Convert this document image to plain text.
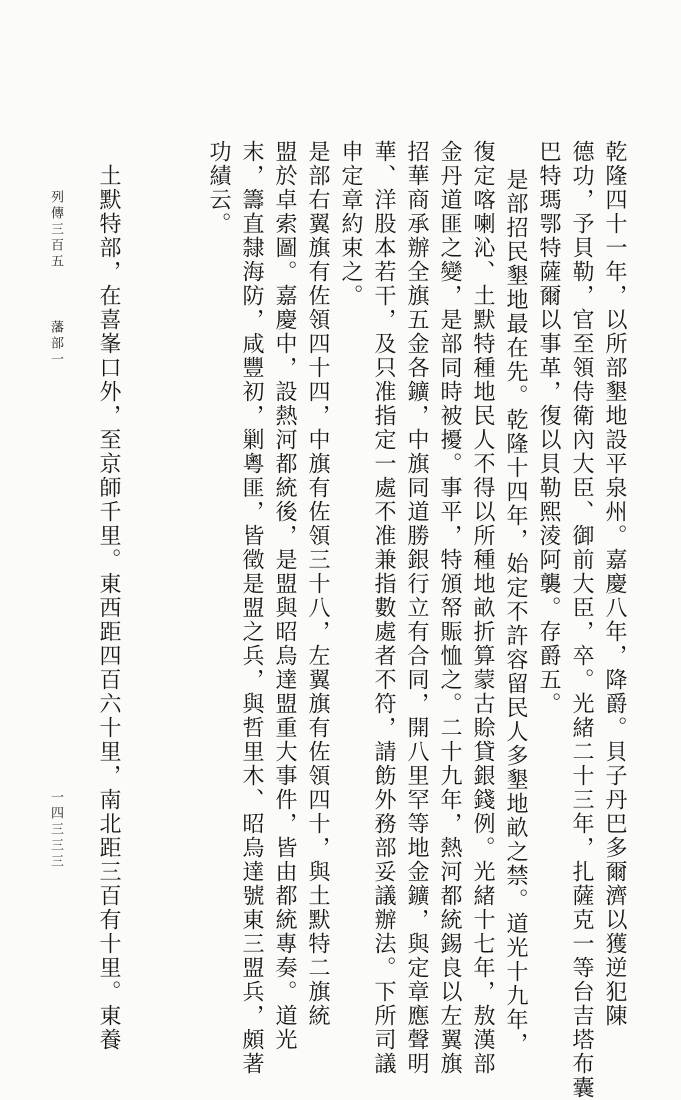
乾隆四十一年，以所部墾地設平泉州。嘉慶八年，降爵。貝子丹巴多爾濟以獲逆犯陳
德功，予貝勒，官至領侍衛內大臣、御前大臣，卒。光緒二十三年，扎薩克一等台吉塔布囊
巴特瑪鄂特薩爾以事革，復以貝勒熙淩阿襲。存爵五。
是部招民墾地最在先。乾隆十四年，始定不許容留民人多墾地畝之禁。道光十九年，
復定喀喇沁、土默特種地民人不得以所種地畝折算蒙古賒貸銀錢例。光緒十七年，敖漢部
金丹道匪之變，是部同時被擾。事平，特頒帑賑恤之。二十九年，熱河都統錫良以左翼旗
招華商承辦全旗五金各鑛，中旗同道勝銀行立有合同，開八里罕等地金鑛，與定章應聲明
華、洋股本若干，及只准指定一處不准兼指數處者不符，請飭外務部妥議辦法。下所司議
申定章約束之。
是部右翼旗有佐領四十四，中旗有佐領三十八，左翼旗有佐領四十，與土默特二旗統
盟於卓索圖。嘉慶中，設熱河都統後，是盟與昭烏達盟重大事件，皆由都統專奏。道光
末，籌直隸海防，咸豐初，剿粵匪，皆徵是盟之兵，與哲里木、昭烏達號東三盟兵，頗著
功績云。
土默特部，在喜峯口外，至京師千里。東西距四百六十里，南北距三百有十里。東養
列傳三百五
藩部一
一四三三三
